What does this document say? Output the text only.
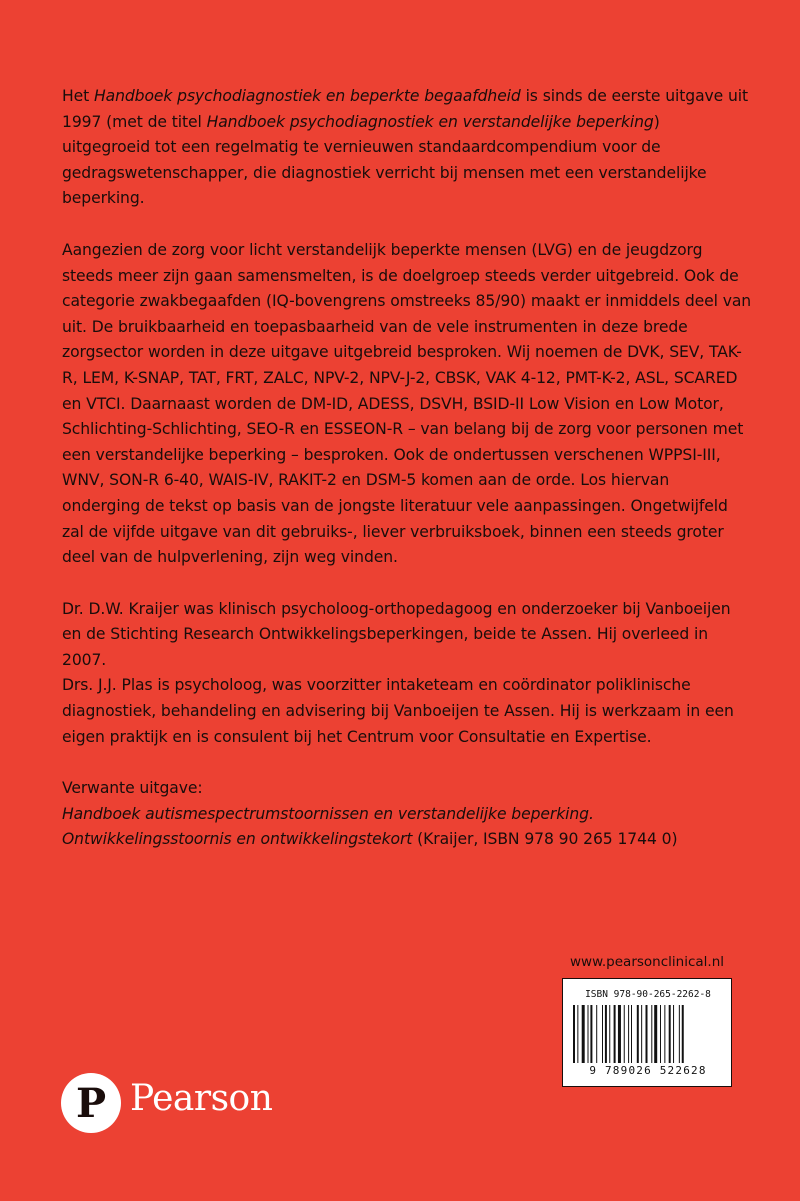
Het Handboek psychodiagnostiek en beperkte begaafdheid is sinds de eerste uitgave uit 1997 (met de titel Handboek psychodiagnostiek en verstandelijke beperking) uitgegroeid tot een regelmatig te vernieuwen standaardcompendium voor de gedragswetenschapper, die diagnostiek verricht bij mensen met een verstandelijke beperking.

Aangezien de zorg voor licht verstandelijk beperkte mensen (LVG) en de jeugdzorg steeds meer zijn gaan samensmelten, is de doelgroep steeds verder uitgebreid. Ook de categorie zwakbegaafden (IQ-bovengrens omstreeks 85/90) maakt er inmiddels deel van uit. De bruikbaarheid en toepasbaarheid van de vele instrumenten in deze brede zorgsector worden in deze uitgave uitgebreid besproken. Wij noemen de DVK, SEV, TAK-R, LEM, K-SNAP, TAT, FRT, ZALC, NPV-2, NPV-J-2, CBSK, VAK 4-12, PMT-K-2, ASL, SCARED en VTCI. Daarnaast worden de DM-ID, ADESS, DSVH, BSID-II Low Vision en Low Motor, Schlichting-Schlichting, SEO-R en ESSEON-R – van belang bij de zorg voor personen met een verstandelijke beperking – besproken. Ook de ondertussen verschenen WPPSI-III, WNV, SON-R 6-40, WAIS-IV, RAKIT-2 en DSM-5 komen aan de orde. Los hiervan onderging de tekst op basis van de jongste literatuur vele aanpassingen. Ongetwijfeld zal de vijfde uitgave van dit gebruiks-, liever verbruiksboek, binnen een steeds groter deel van de hulpverlening, zijn weg vinden.

Dr. D.W. Kraijer was klinisch psycholoog-orthopedagoog en onderzoeker bij Vanboeijen en de Stichting Research Ontwikkelingsbeperkingen, beide te Assen. Hij overleed in 2007.

Drs. J.J. Plas is psycholoog, was voorzitter intaketeam en coördinator poliklinische diagnostiek, behandeling en advisering bij Vanboeijen te Assen. Hij is werkzaam in een eigen praktijk en is consulent bij het Centrum voor Consultatie en Expertise.

Verwante uitgave:
Handboek autismespectrumstoornissen en verstandelijke beperking.
Ontwikkelingsstoornis en ontwikkelingstekort (Kraijer, ISBN 978 90 265 1744 0)

www.pearsonclinical.nl
ISBN 978-90-265-2262-8
9 789026 522628
P Pearson
